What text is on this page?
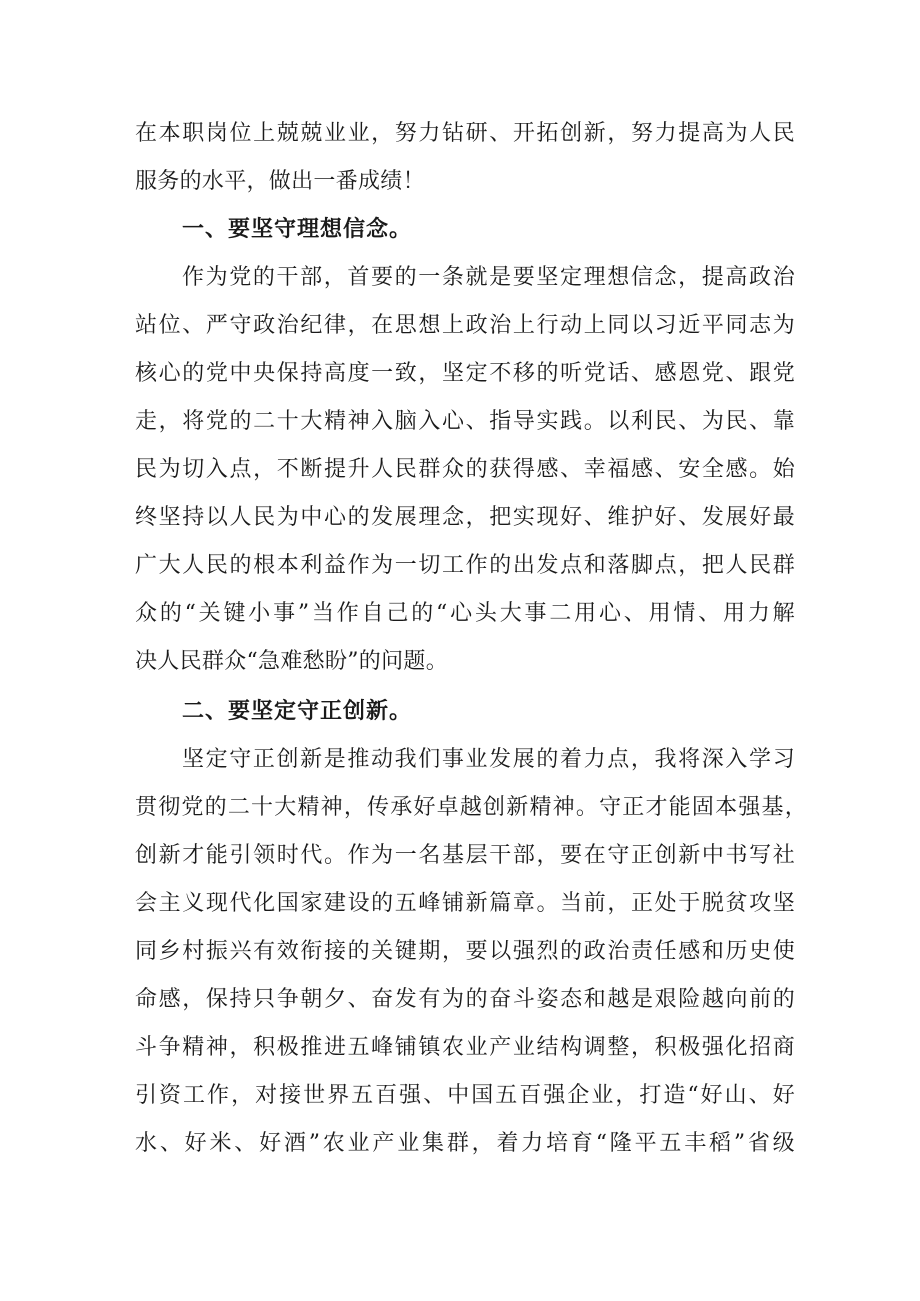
在本职岗位上兢兢业业，努力钻研、开拓创新，努力提高为人民
服务的水平，做出一番成绩！
一、要坚守理想信念。
作为党的干部，首要的一条就是要坚定理想信念，提高政治
站位、严守政治纪律，在思想上政治上行动上同以习近平同志为
核心的党中央保持高度一致，坚定不移的听党话、感恩党、跟党
走，将党的二十大精神入脑入心、指导实践。以利民、为民、靠
民为切入点，不断提升人民群众的获得感、幸福感、安全感。始
终坚持以人民为中心的发展理念，把实现好、维护好、发展好最
广大人民的根本利益作为一切工作的出发点和落脚点，把人民群
众的“关键小事”当作自己的“心头大事二用心、用情、用力解
决人民群众“急难愁盼”的问题。
二、要坚定守正创新。
坚定守正创新是推动我们事业发展的着力点，我将深入学习
贯彻党的二十大精神，传承好卓越创新精神。守正才能固本强基，
创新才能引领时代。作为一名基层干部，要在守正创新中书写社
会主义现代化国家建设的五峰铺新篇章。当前，正处于脱贫攻坚
同乡村振兴有效衔接的关键期，要以强烈的政治责任感和历史使
命感，保持只争朝夕、奋发有为的奋斗姿态和越是艰险越向前的
斗争精神，积极推进五峰铺镇农业产业结构调整，积极强化招商
引资工作，对接世界五百强、中国五百强企业，打造“好山、好
水、好米、好酒”农业产业集群，着力培育“隆平五丰稻”省级
